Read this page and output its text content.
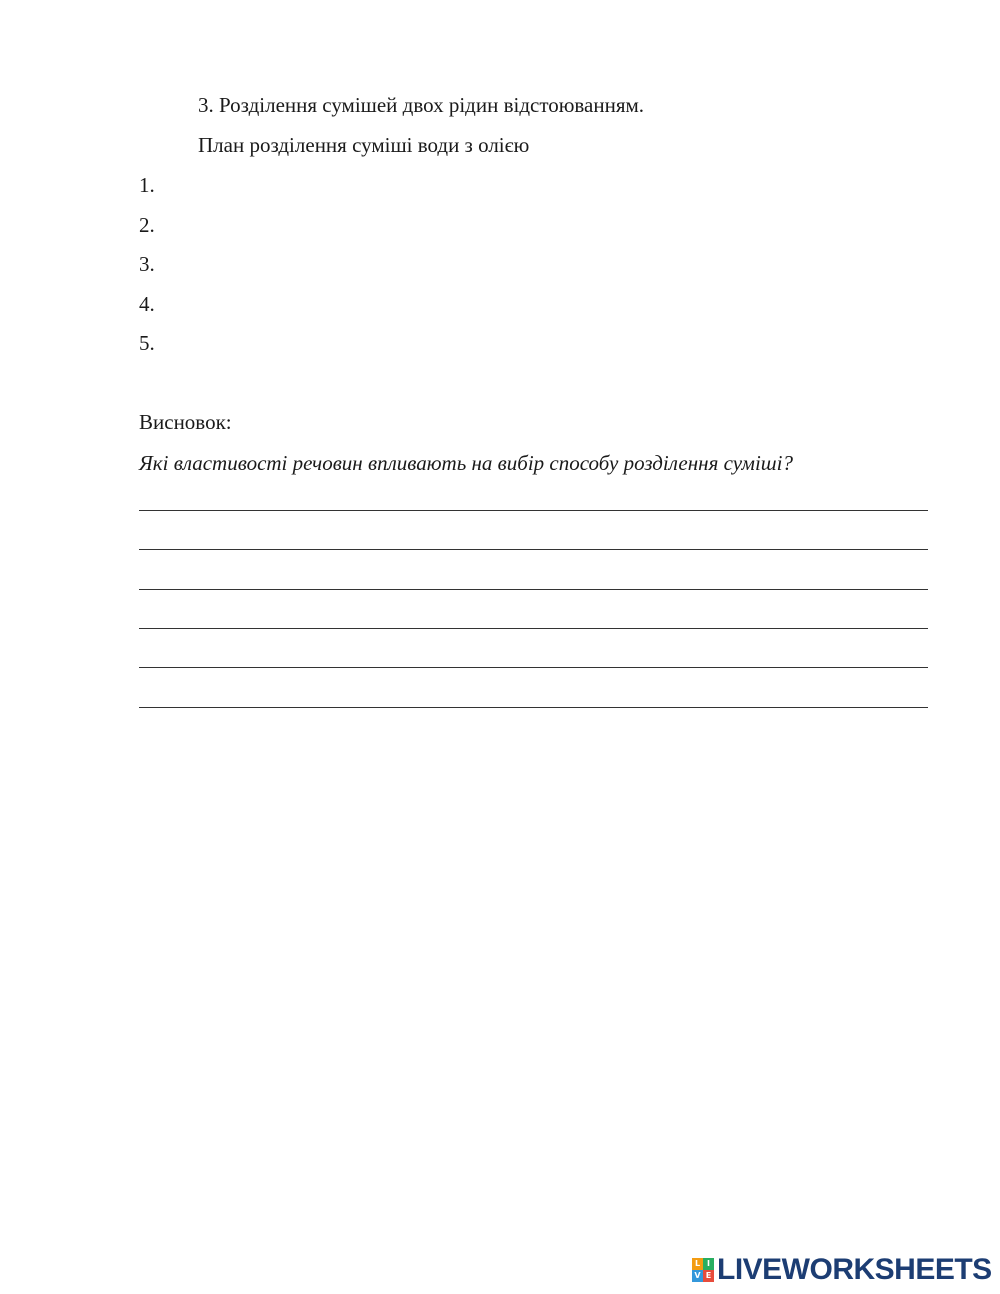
3. Розділення сумішей двох рідин відстоюванням.
План розділення суміші води з олією
1.
2.
3.
4.
5.
Висновок:
Які властивості речовин впливають на вибір способу розділення суміші?
L I
V E LIVEWORKSHEETS
